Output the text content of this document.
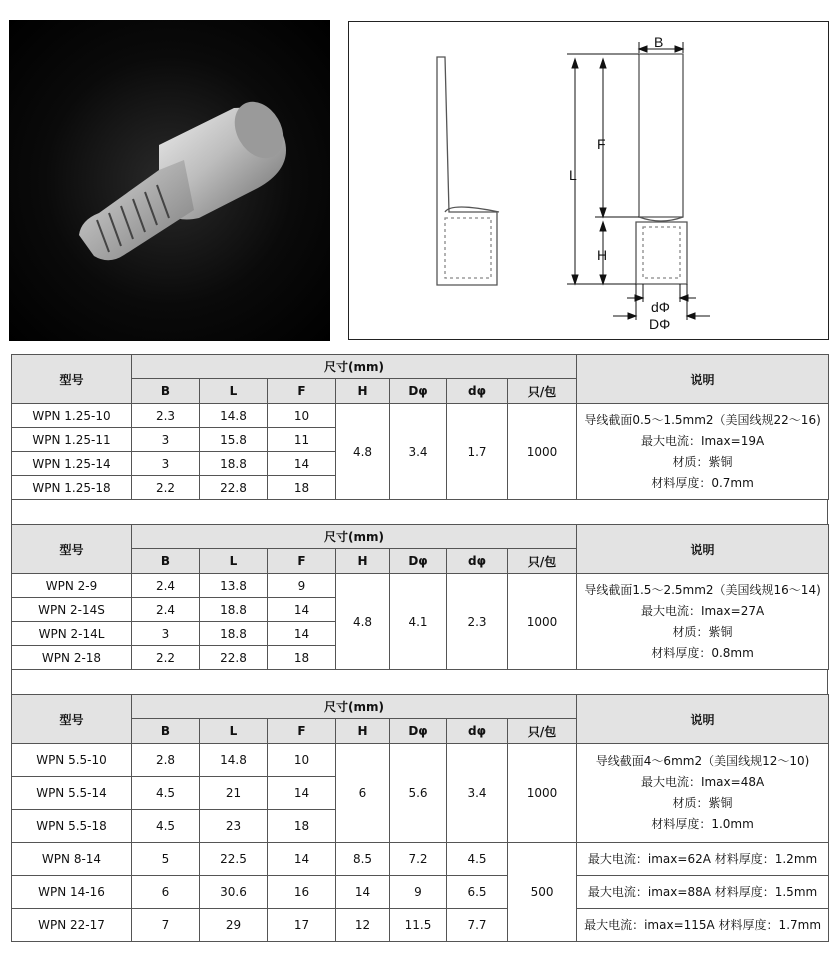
B
F
L
H
dΦ
DΦ
型号	尺寸(mm)							说明
	B	L	F	H	Dφ	dφ	只/包	
WPN 1.25-10	2.3	14.8	10	4.8	3.4	1.7	1000	导线截面0.5～1.5mm2（美国线规22～16)
最大电流：Imax=19A
材质：紫铜
材料厚度：0.7mm

WPN 1.25-11	3	15.8	11					
WPN 1.25-14	3	18.8	14					
WPN 1.25-18	2.2	22.8	18					
型号	尺寸(mm)							说明
	B	L	F	H	Dφ	dφ	只/包	
WPN 2-9	2.4	13.8	9	4.8	4.1	2.3	1000	导线截面1.5～2.5mm2（美国线规16～14)
最大电流：Imax=27A
材质：紫铜
材料厚度：0.8mm

WPN 2-14S	2.4	18.8	14					
WPN 2-14L	3	18.8	14					
WPN 2-18	2.2	22.8	18					
型号	尺寸(mm)							说明
	B	L	F	H	Dφ	dφ	只/包	
WPN 5.5-10	2.8	14.8	10	6	5.6	3.4	1000	导线截面4～6mm2（美国线规12～10)
最大电流：Imax=48A
材质：紫铜
材料厚度：1.0mm

WPN 5.5-14	4.5	21	14					
WPN 5.5-18	4.5	23	18					
WPN 8-14	5	22.5	14	8.5	7.2	4.5	500	最大电流：imax=62A 材料厚度：1.2mm
WPN 14-16	6	30.6	16	14	9	6.5		最大电流：imax=88A 材料厚度：1.5mm
WPN 22-17	7	29	17	12	11.5	7.7		最大电流：imax=115A 材料厚度：1.7mm
